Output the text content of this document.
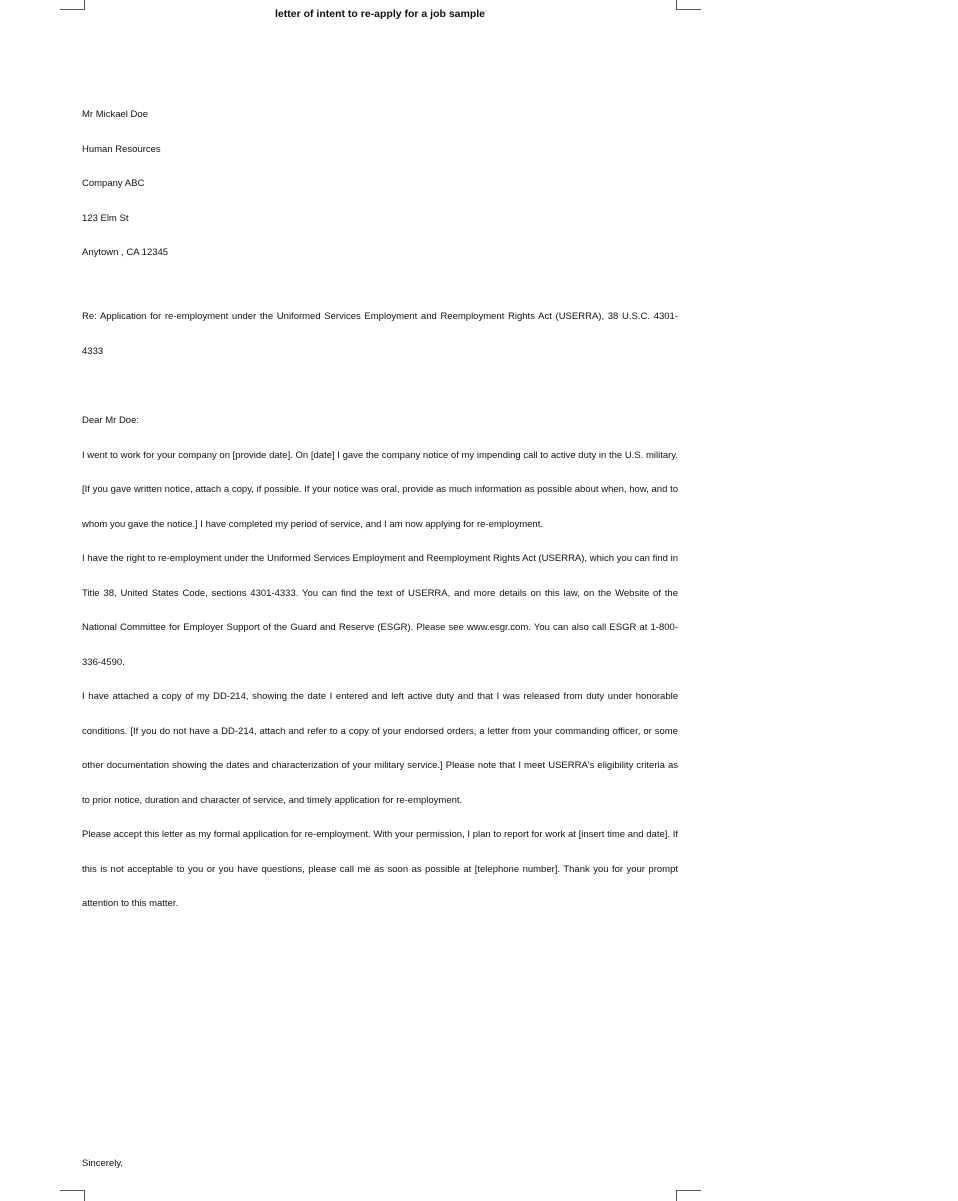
letter of intent to re-apply for a job sample
Mr Mickael Doe
Human Resources
Company ABC
123 Elm St
Anytown , CA 12345

Re: Application for re-employment under the Uniformed Services Employment and Reemployment Rights Act (USERRA), 38 U.S.C. 4301-4333

Dear Mr Doe:

I went to work for your company on [provide date]. On [date] I gave the company notice of my impending call to active duty in the U.S. military. [If you gave written notice, attach a copy, if possible. If your notice was oral, provide as much information as possible about when, how, and to whom you gave the notice.] I have completed my period of service, and I am now applying for re-employment.

I have the right to re-employment under the Uniformed Services Employment and Reemployment Rights Act (USERRA), which you can find in Title 38, United States Code, sections 4301-4333. You can find the text of USERRA, and more details on this law, on the Website of the National Committee for Employer Support of the Guard and Reserve (ESGR). Please see www.esgr.com. You can also call ESGR at 1-800-336-4590.

I have attached a copy of my DD-214, showing the date I entered and left active duty and that I was released from duty under honorable conditions. [If you do not have a DD-214, attach and refer to a copy of your endorsed orders, a letter from your commanding officer, or some other documentation showing the dates and characterization of your military service.] Please note that I meet USERRA's eligibility criteria as to prior notice, duration and character of service, and timely application for re-employment.

Please accept this letter as my formal application for re-employment. With your permission, I plan to report for work at [insert time and date]. If this is not acceptable to you or you have questions, please call me as soon as possible at [telephone number]. Thank you for your prompt attention to this matter.

Sincerely,
